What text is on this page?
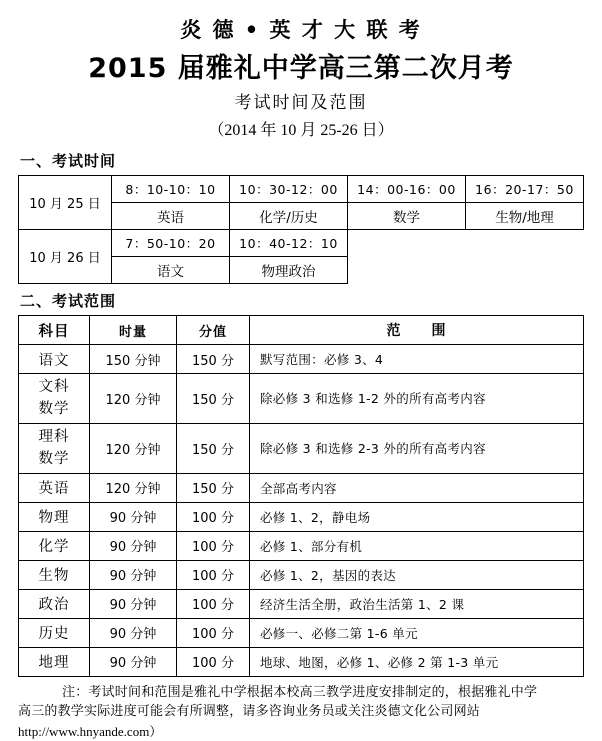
炎 德 • 英 才 大 联 考
2015 届雅礼中学高三第二次月考
考试时间及范围
（2014 年 10 月 25-26 日）
一、考试时间
10 月 25 日	8：10-10：10	10：30-12：00	14：00-16：00	16：20-17：50
	英语	化学/历史	数学	生物/地理
10 月 26 日	7：50-10：20	10：40-12：10		
	语文	物理政治		
二、考试范围
科目	时量	分值	范　　围
语文	150 分钟	150 分	默写范围：必修 3、4
文科
数学	120 分钟	150 分	除必修 3 和选修 1-2 外的所有高考内容
理科
数学	120 分钟	150 分	除必修 3 和选修 2-3 外的所有高考内容
英语	120 分钟	150 分	全部高考内容
物理	90 分钟	100 分	必修 1、2，静电场
化学	90 分钟	100 分	必修 1、部分有机
生物	90 分钟	100 分	必修 1、2，基因的表达
政治	90 分钟	100 分	经济生活全册，政治生活第 1、2 课
历史	90 分钟	100 分	必修一、必修二第 1-6 单元
地理	90 分钟	100 分	地球、地图，必修 1、必修 2 第 1-3 单元
注：考试时间和范围是雅礼中学根据本校高三教学进度安排制定的，根据雅礼中学
高三的教学实际进度可能会有所调整，请多咨询业务员或关注炎德文化公司网站
http://www.hnyande.com）
